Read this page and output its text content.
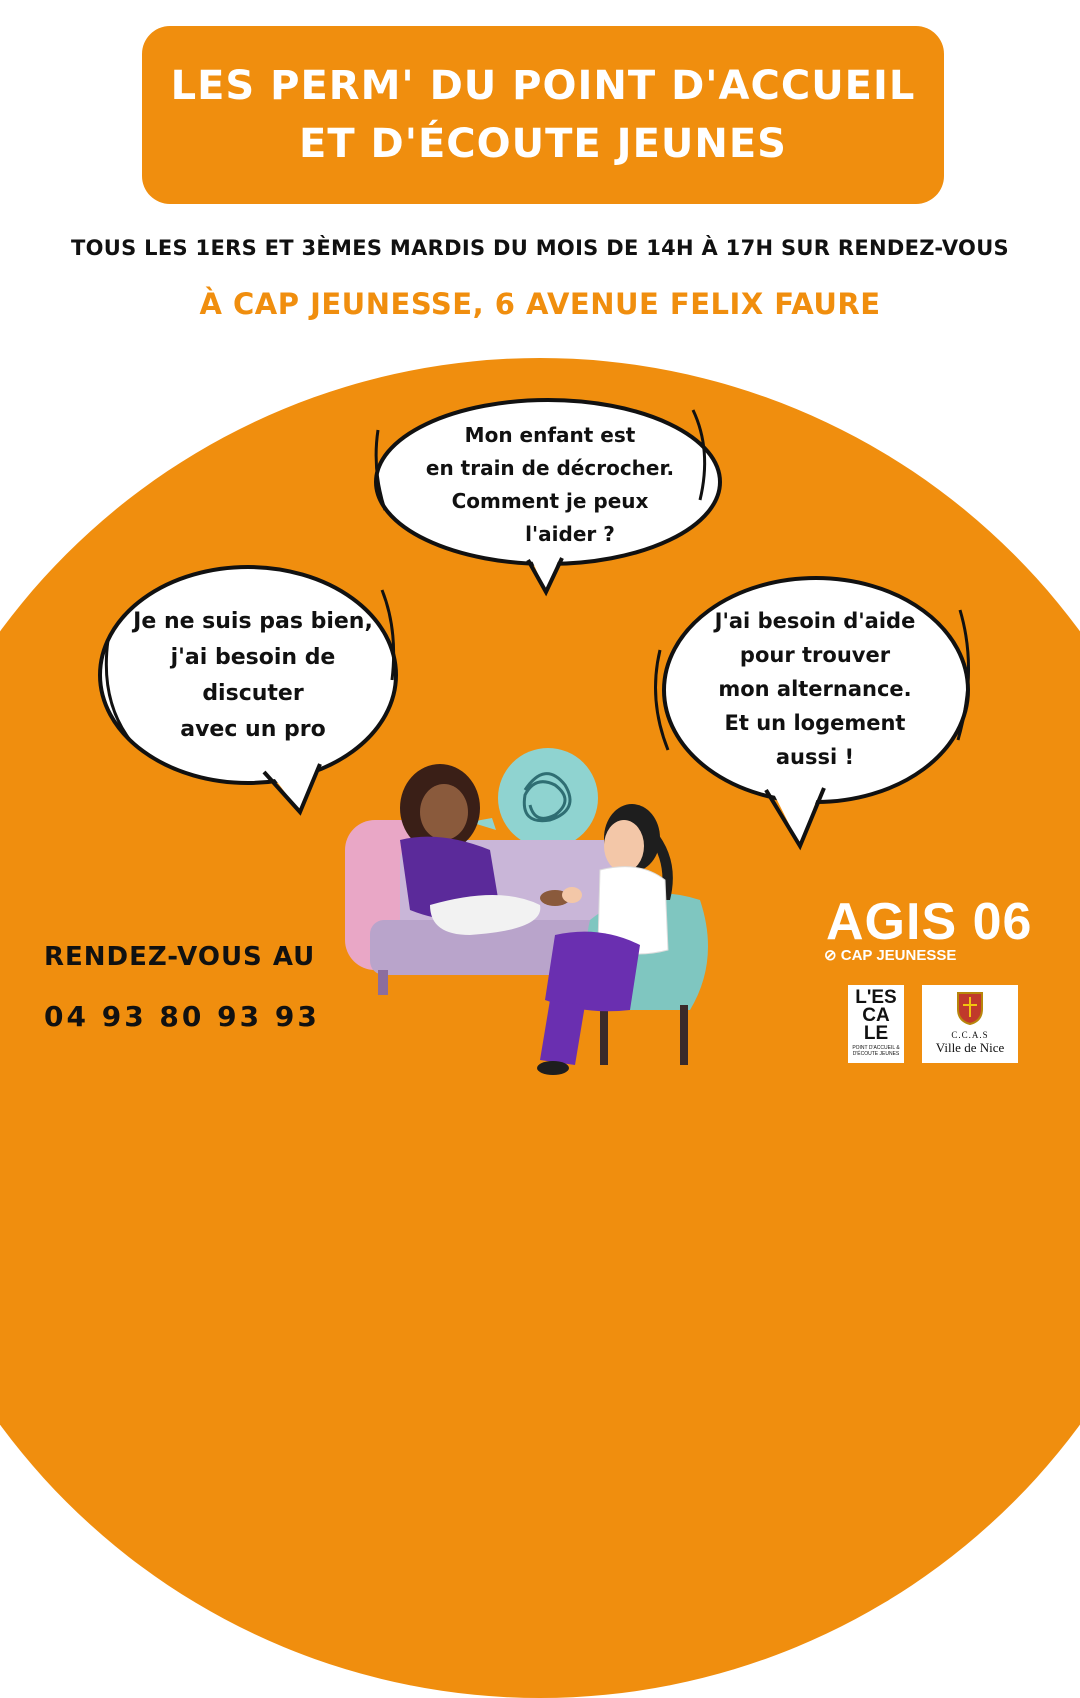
LES PERM' DU POINT D'ACCUEIL
ET D'ÉCOUTE JEUNES
TOUS LES 1ERS ET 3ÈMES MARDIS DU MOIS DE 14H À 17H SUR RENDEZ-VOUS
À CAP JEUNESSE, 6 AVENUE FELIX FAURE
Mon enfant est
en train de décrocher.
Comment je peux
l'aider ?
Je ne suis pas bien,
j'ai besoin de
discuter
avec un pro
J'ai besoin d'aide
pour trouver
mon alternance.
Et un logement
aussi !
RENDEZ-VOUS AU
04 93 80 93 93
AGIS 06
⊘ CAP JEUNESSE
L'ES
CA
LE
POINT D'ACCUEIL & D'ÉCOUTE JEUNES
C.C.A.S
Ville de Nice
